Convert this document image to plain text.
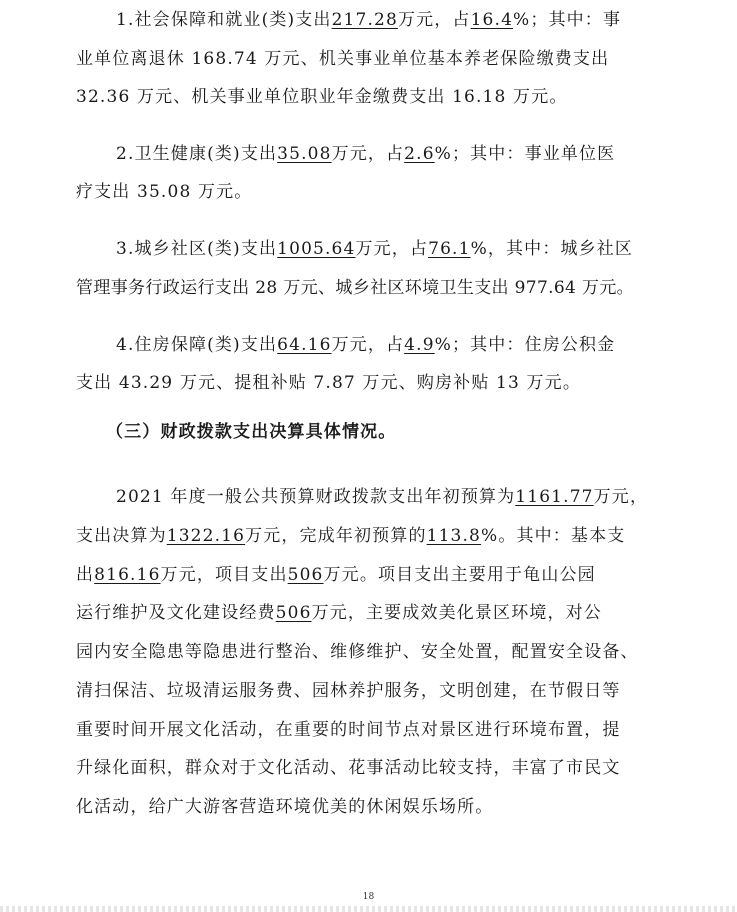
1.社会保障和就业(类)支出217.28万元，占16.4%；其中：事
业单位离退休 168.74 万元、机关事业单位基本养老保险缴费支出
32.36 万元、机关事业单位职业年金缴费支出 16.18 万元。
2.卫生健康(类)支出35.08万元，占2.6%；其中：事业单位医
疗支出 35.08 万元。
3.城乡社区(类)支出1005.64万元，占76.1%，其中：城乡社区
管理事务行政运行支出 28 万元、城乡社区环境卫生支出 977.64 万元。
4.住房保障(类)支出64.16万元，占4.9%；其中：住房公积金
支出 43.29 万元、提租补贴 7.87 万元、购房补贴 13 万元。
（三）财政拨款支出决算具体情况。
2021 年度一般公共预算财政拨款支出年初预算为1161.77万元，
支出决算为1322.16万元，完成年初预算的113.8%。其中：基本支
出816.16万元，项目支出506万元。项目支出主要用于龟山公园
运行维护及文化建设经费506万元，主要成效美化景区环境，对公
园内安全隐患等隐患进行整治、维修维护、安全处置，配置安全设备、
清扫保洁、垃圾清运服务费、园林养护服务，文明创建，在节假日等
重要时间开展文化活动，在重要的时间节点对景区进行环境布置，提
升绿化面积，群众对于文化活动、花事活动比较支持，丰富了市民文
化活动，给广大游客营造环境优美的休闲娱乐场所。
18
